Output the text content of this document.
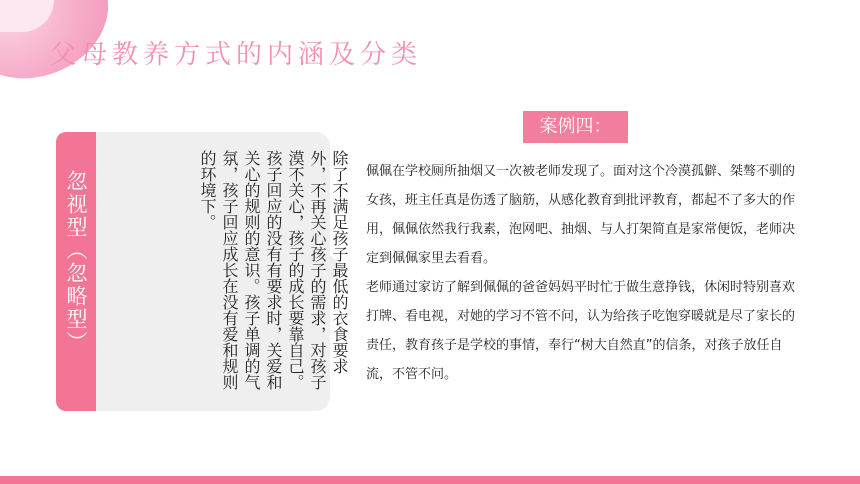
父母教养方式的内涵及分类
忽视型（忽略型）	除了不满足孩子最低的衣食要求外，不再关心孩子的需求，对孩子漠不关心，孩子的成长要靠自己。孩子回应的没有有要求时，关爱和关心的规则的意识。孩子单调的气氛，孩子回应成长在没有爱和规则的环境下。
案例四：

佩佩在学校厕所抽烟又一次被老师发现了。面对这个冷漠孤僻、桀骜不驯的女孩，班主任真是伤透了脑筋，从感化教育到批评教育，都起不了多大的作用，佩佩依然我行我素，泡网吧、抽烟、与人打架简直是家常便饭，老师决定到佩佩家里去看看。

老师通过家访了解到佩佩的爸爸妈妈平时忙于做生意挣钱，休闲时特别喜欢打牌、看电视，对她的学习不管不问，认为给孩子吃饱穿暖就是尽了家长的责任，教育孩子是学校的事情，奉行“树大自然直”的信条，对孩子放任自流，不管不问。
